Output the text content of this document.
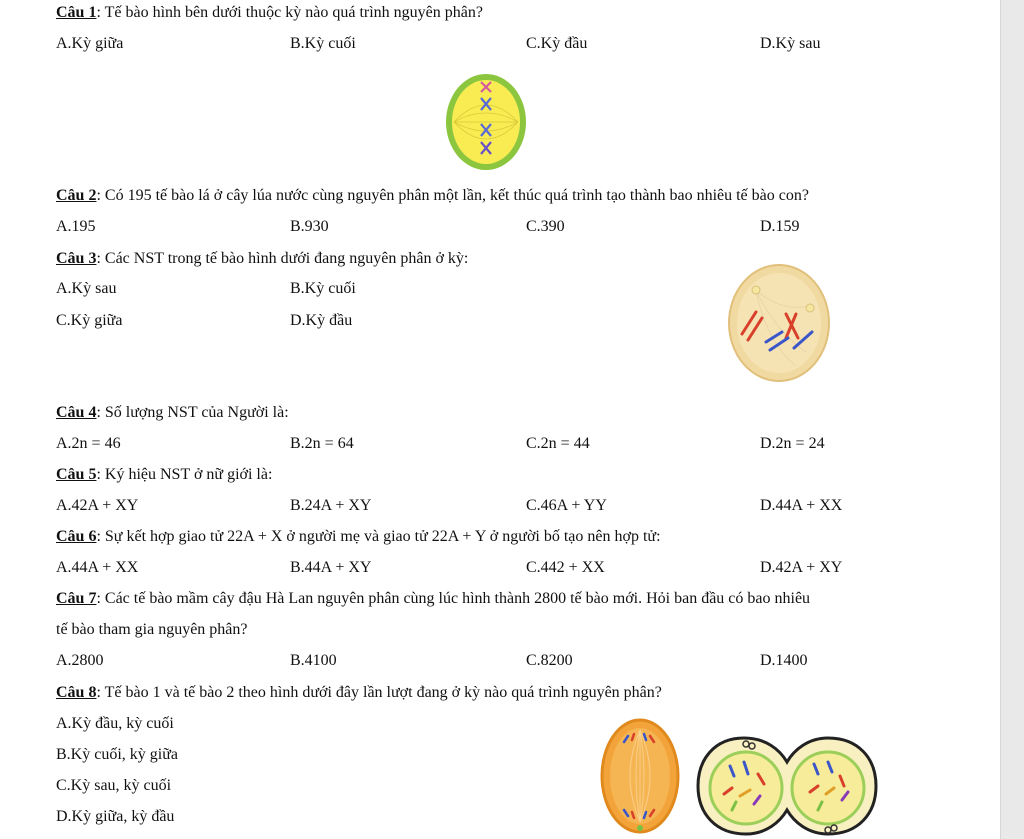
Câu 1: Tế bào hình bên dưới thuộc kỳ nào quá trình nguyên phân?
A.Kỳ giữa	B.Kỳ cuối	C.Kỳ đầu	D.Kỳ sau
Câu 2: Có 195 tế bào lá ở cây lúa nước cùng nguyên phân một lần, kết thúc quá trình tạo thành bao nhiêu tế bào con?
A.195	B.930	C.390	D.159
Câu 3: Các NST trong tế bào hình dưới đang nguyên phân ở kỳ:
A.Kỳ sau	B.Kỳ cuối
C.Kỳ giữa	D.Kỳ đầu
Câu 4: Số lượng NST của Người là:
A.2n = 46	B.2n = 64	C.2n = 44	D.2n = 24
Câu 5: Ký hiệu NST ở nữ giới là:
A.42A + XY	B.24A + XY	C.46A + YY	D.44A + XX
Câu 6: Sự kết hợp giao tử 22A + X ở người mẹ và giao tử 22A + Y ở người bố tạo nên hợp tử:
A.44A + XX	B.44A + XY	C.442 + XX	D.42A + XY
Câu 7: Các tế bào mầm cây đậu Hà Lan nguyên phân cùng lúc hình thành 2800 tế bào mới. Hỏi ban đầu có bao nhiêu
tế bào tham gia nguyên phân?
A.2800	B.4100	C.8200	D.1400
Câu 8: Tế bào 1 và tế bào 2 theo hình dưới đây lần lượt đang ở kỳ nào quá trình nguyên phân?
A.Kỳ đầu, kỳ cuối
B.Kỳ cuối, kỳ giữa
C.Kỳ sau, kỳ cuối
D.Kỳ giữa, kỳ đầu
